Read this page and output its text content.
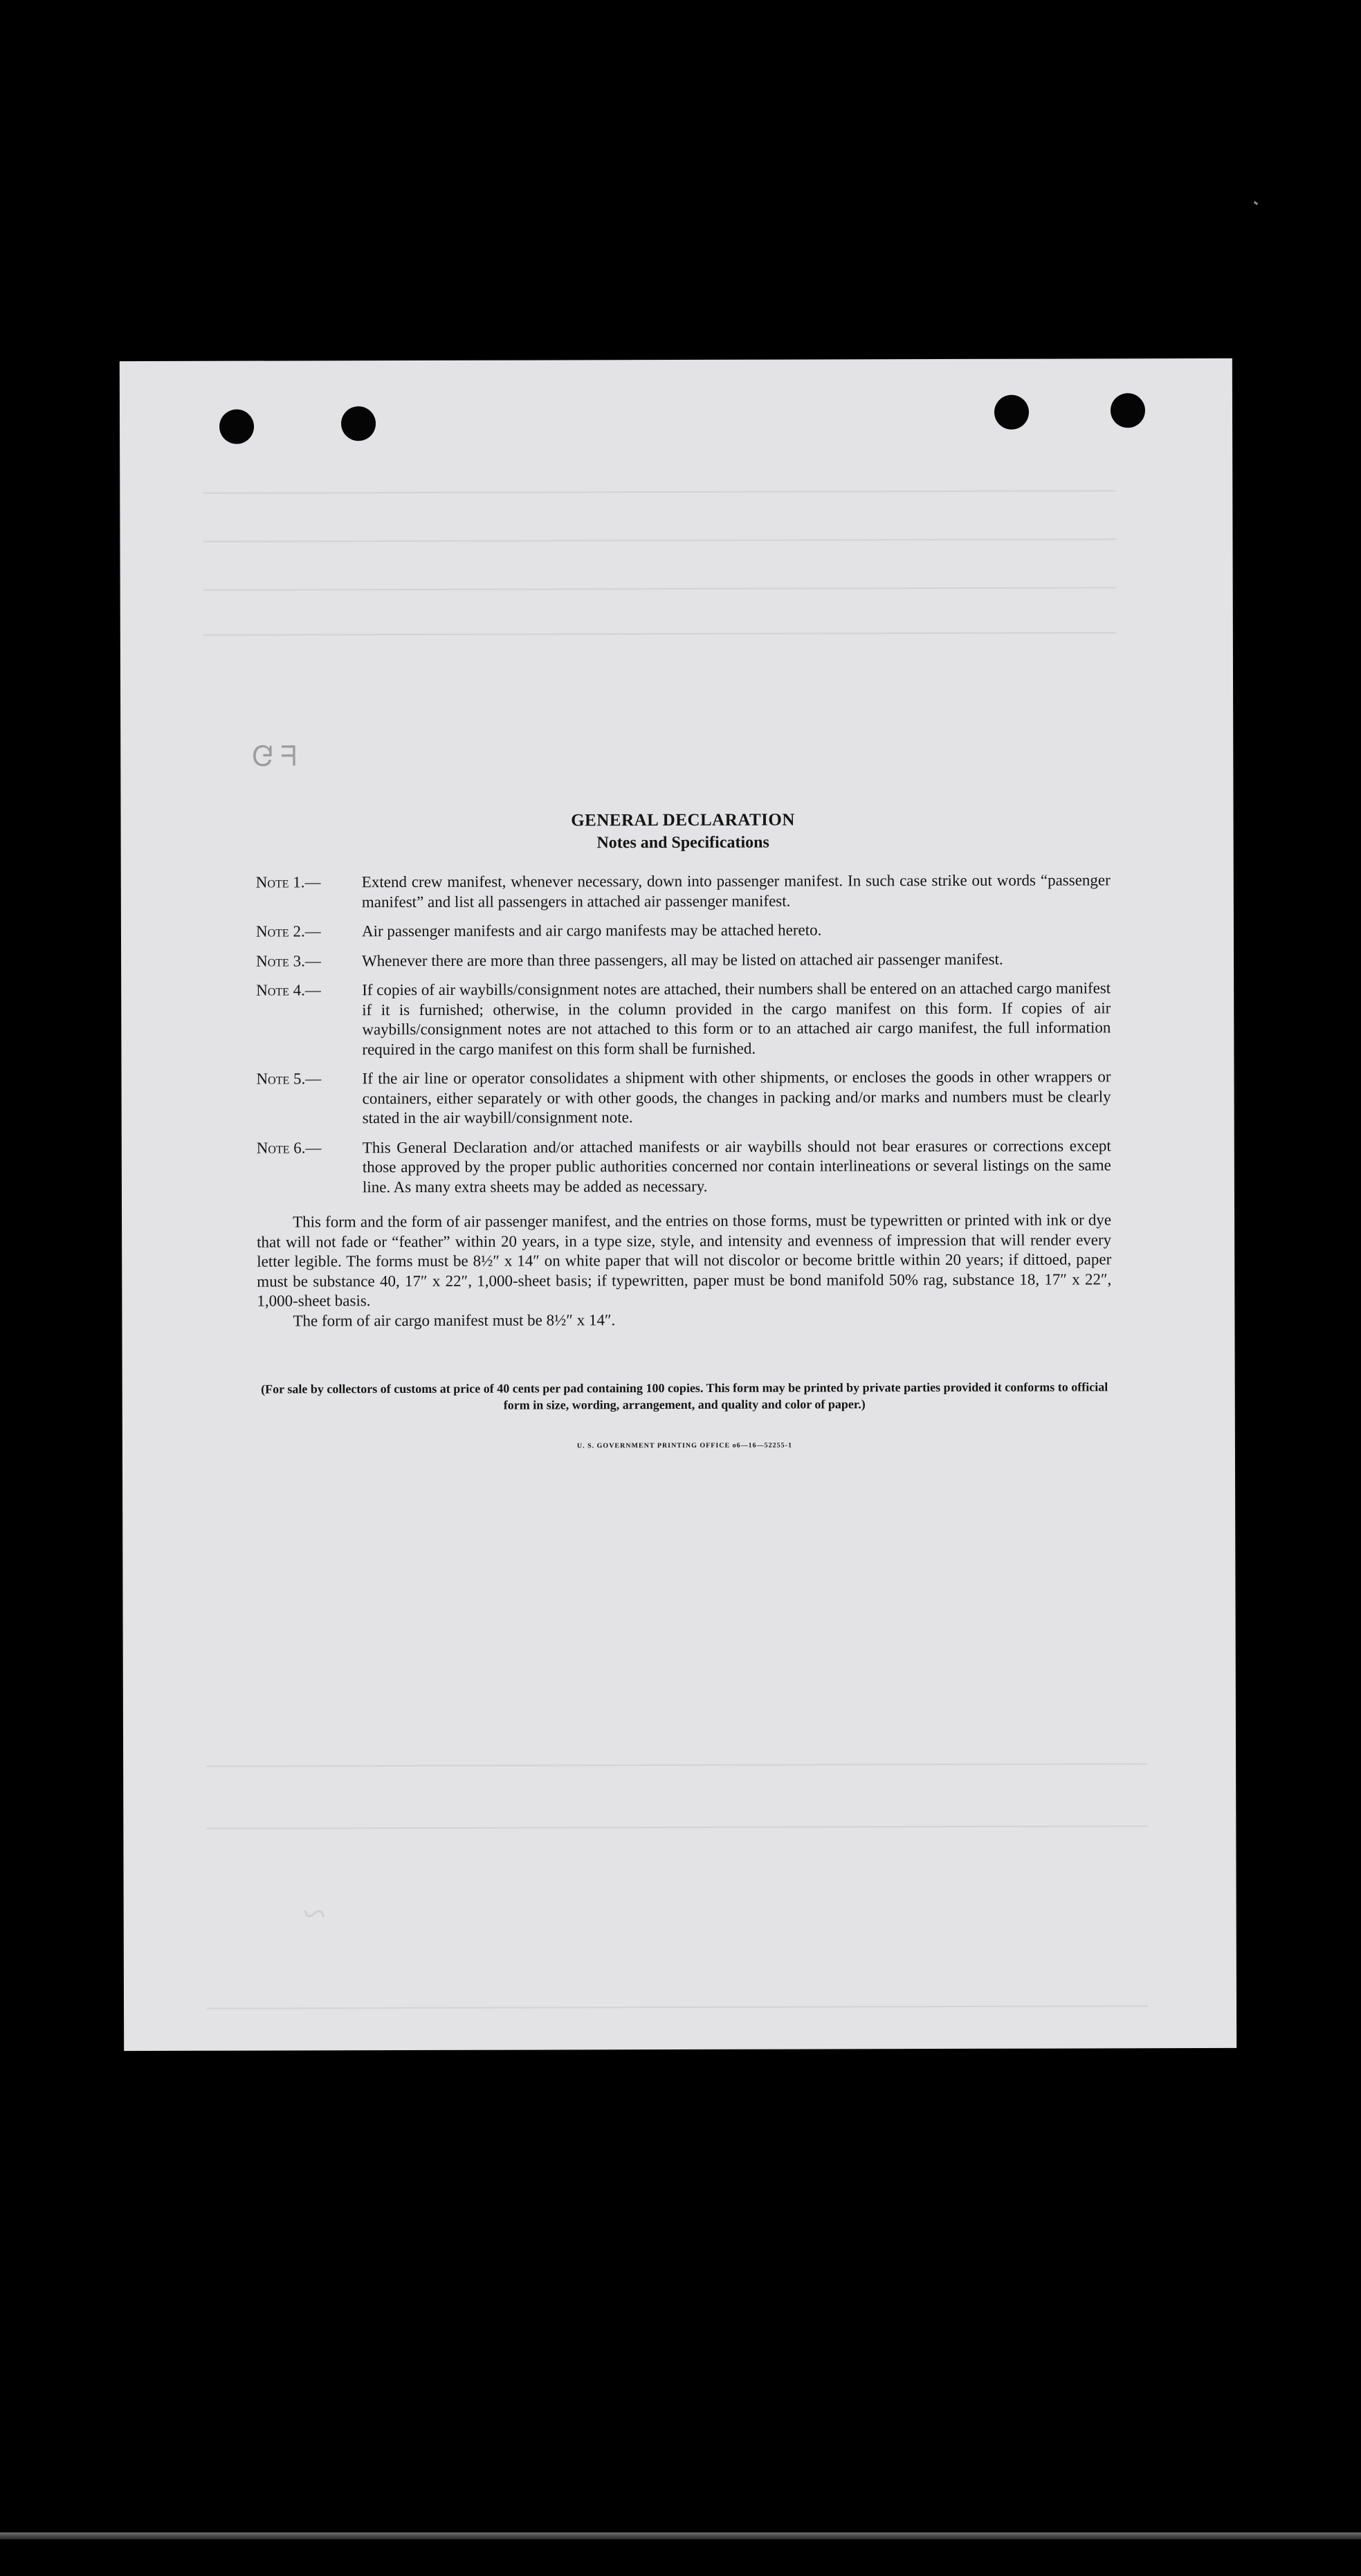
ᖴ ⅁
~
GENERAL DECLARATION
Notes and Specifications
Note 1.—	Extend crew manifest, whenever necessary, down into passenger manifest. In such case strike out words “passenger manifest” and list all passengers in attached air passenger manifest.
Note 2.—	Air passenger manifests and air cargo manifests may be attached hereto.
Note 3.—	Whenever there are more than three passengers, all may be listed on attached air passenger manifest.
Note 4.—	If copies of air waybills/consignment notes are attached, their numbers shall be entered on an attached cargo manifest if it is furnished; otherwise, in the column provided in the cargo manifest on this form. If copies of air waybills/consignment notes are not attached to this form or to an attached air cargo manifest, the full information required in the cargo manifest on this form shall be furnished.
Note 5.—	If the air line or operator consolidates a shipment with other shipments, or encloses the goods in other wrappers or containers, either separately or with other goods, the changes in packing and/or marks and numbers must be clearly stated in the air waybill/consignment note.
Note 6.—	This General Declaration and/or attached manifests or air waybills should not bear erasures or corrections except those approved by the proper public authorities concerned nor contain interlineations or several listings on the same line. As many extra sheets may be added as necessary.
This form and the form of air passenger manifest, and the entries on those forms, must be typewritten or printed with ink or dye that will not fade or “feather” within 20 years, in a type size, style, and intensity and evenness of impression that will render every letter legible. The forms must be 8½″ x 14″ on white paper that will not discolor or become brittle within 20 years; if dittoed, paper must be substance 40, 17″ x 22″, 1,000-sheet basis; if typewritten, paper must be bond manifold 50% rag, substance 18, 17″ x 22″, 1,000-sheet basis.
The form of air cargo manifest must be 8½″ x 14″.
(For sale by collectors of customs at price of 40 cents per pad containing 100 copies. This form may be printed by private parties provided it conforms to official form in size, wording, arrangement, and quality and color of paper.)
U. S. GOVERNMENT PRINTING OFFICE o6—16—52255-1
